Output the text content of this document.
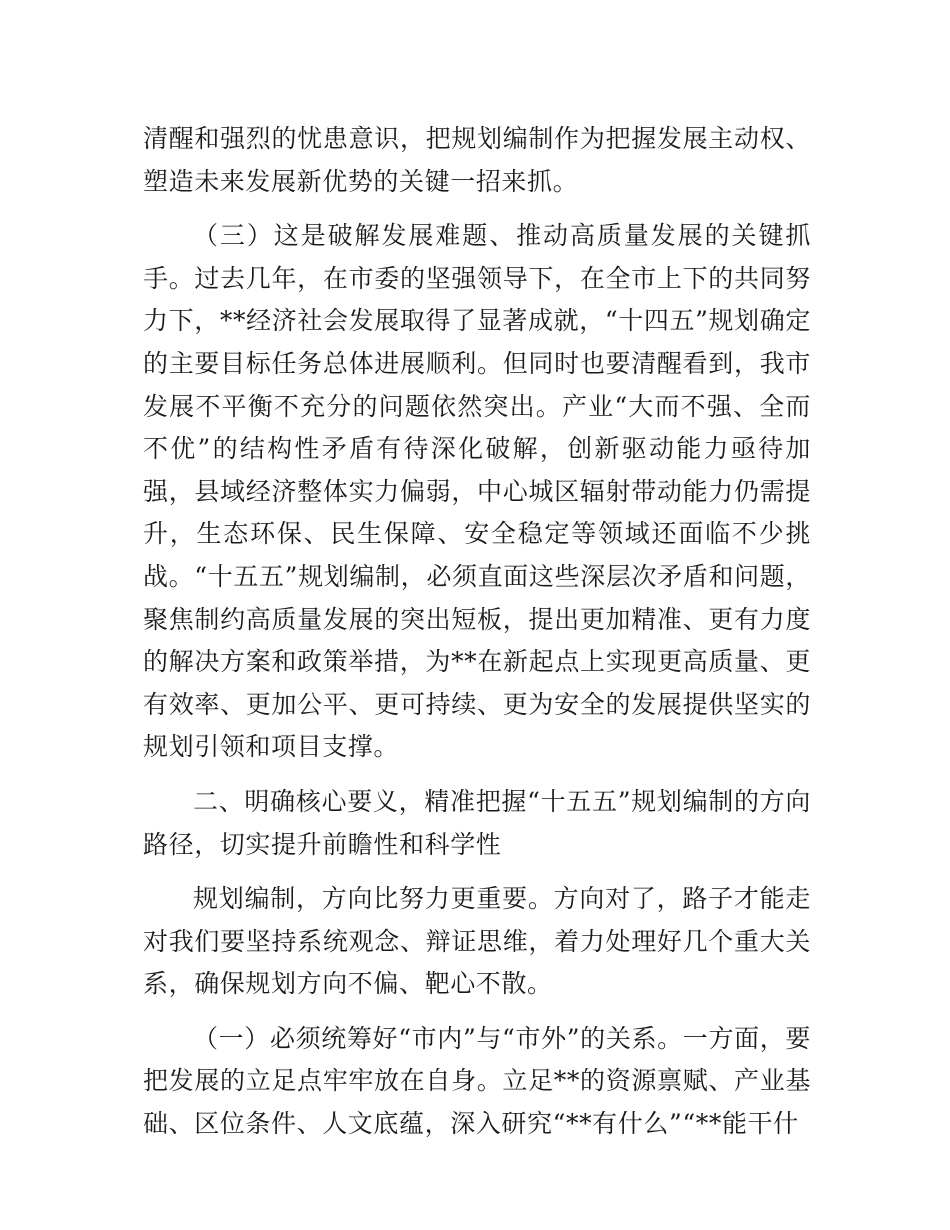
清醒和强烈的忧患意识，把规划编制作为把握发展主动权、塑造未来发展新优势的关键一招来抓。

（三）这是破解发展难题、推动高质量发展的关键抓手。过去几年，在市委的坚强领导下，在全市上下的共同努力下，**经济社会发展取得了显著成就，“十四五”规划确定的主要目标任务总体进展顺利。但同时也要清醒看到，我市发展不平衡不充分的问题依然突出。产业“大而不强、全而不优”的结构性矛盾有待深化破解，创新驱动能力亟待加强，县域经济整体实力偏弱，中心城区辐射带动能力仍需提升，生态环保、民生保障、安全稳定等领域还面临不少挑战。“十五五”规划编制，必须直面这些深层次矛盾和问题，聚焦制约高质量发展的突出短板，提出更加精准、更有力度的解决方案和政策举措，为**在新起点上实现更高质量、更有效率、更加公平、更可持续、更为安全的发展提供坚实的规划引领和项目支撑。

二、明确核心要义，精准把握“十五五”规划编制的方向路径，切实提升前瞻性和科学性

规划编制，方向比努力更重要。方向对了，路子才能走对我们要坚持系统观念、辩证思维，着力处理好几个重大关系，确保规划方向不偏、靶心不散。

（一）必须统筹好“市内”与“市外”的关系。一方面，要把发展的立足点牢牢放在自身。立足**的资源禀赋、产业基础、区位条件、人文底蕴，深入研究“**有什么”“**能干什
